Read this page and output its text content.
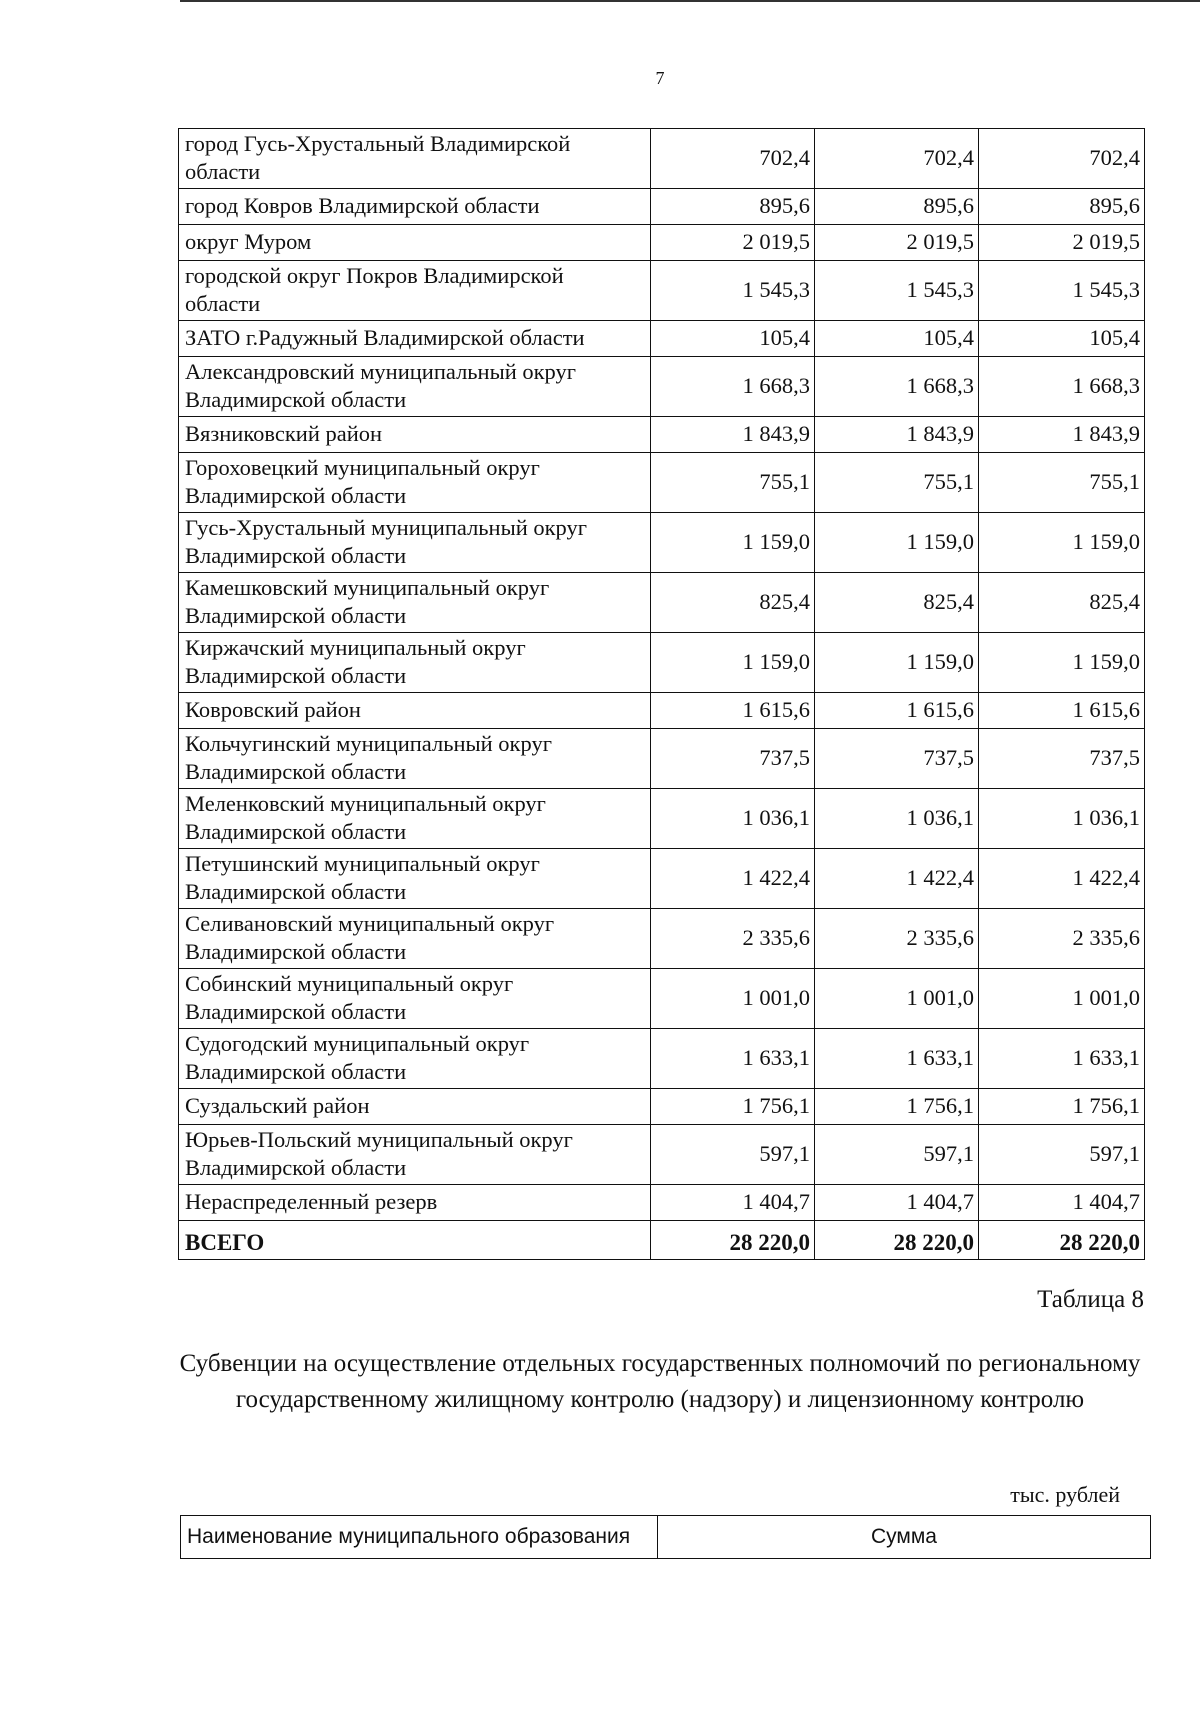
7
город Гусь-Хрустальный Владимирской области	702,4	702,4	702,4
город Ковров Владимирской области	895,6	895,6	895,6
округ Муром	2 019,5	2 019,5	2 019,5
городской округ Покров Владимирской области	1 545,3	1 545,3	1 545,3
ЗАТО г.Радужный Владимирской области	105,4	105,4	105,4
Александровский муниципальный округ Владимирской области	1 668,3	1 668,3	1 668,3
Вязниковский район	1 843,9	1 843,9	1 843,9
Гороховецкий муниципальный округ Владимирской области	755,1	755,1	755,1
Гусь-Хрустальный муниципальный округ Владимирской области	1 159,0	1 159,0	1 159,0
Камешковский муниципальный округ Владимирской области	825,4	825,4	825,4
Киржачский муниципальный округ Владимирской области	1 159,0	1 159,0	1 159,0
Ковровский район	1 615,6	1 615,6	1 615,6
Кольчугинский муниципальный округ Владимирской области	737,5	737,5	737,5
Меленковский муниципальный округ Владимирской области	1 036,1	1 036,1	1 036,1
Петушинский муниципальный округ Владимирской области	1 422,4	1 422,4	1 422,4
Селивановский муниципальный округ Владимирской области	2 335,6	2 335,6	2 335,6
Собинский муниципальный округ Владимирской области	1 001,0	1 001,0	1 001,0
Судогодский муниципальный округ Владимирской области	1 633,1	1 633,1	1 633,1
Суздальский район	1 756,1	1 756,1	1 756,1
Юрьев-Польский муниципальный округ Владимирской области	597,1	597,1	597,1
Нераспределенный резерв	1 404,7	1 404,7	1 404,7
ВСЕГО	28 220,0	28 220,0	28 220,0
Таблица 8
Субвенции на осуществление отдельных государственных полномочий по региональному государственному жилищному контролю (надзору) и лицензионному контролю
тыс. рублей
Наименование муниципального образования	Сумма
